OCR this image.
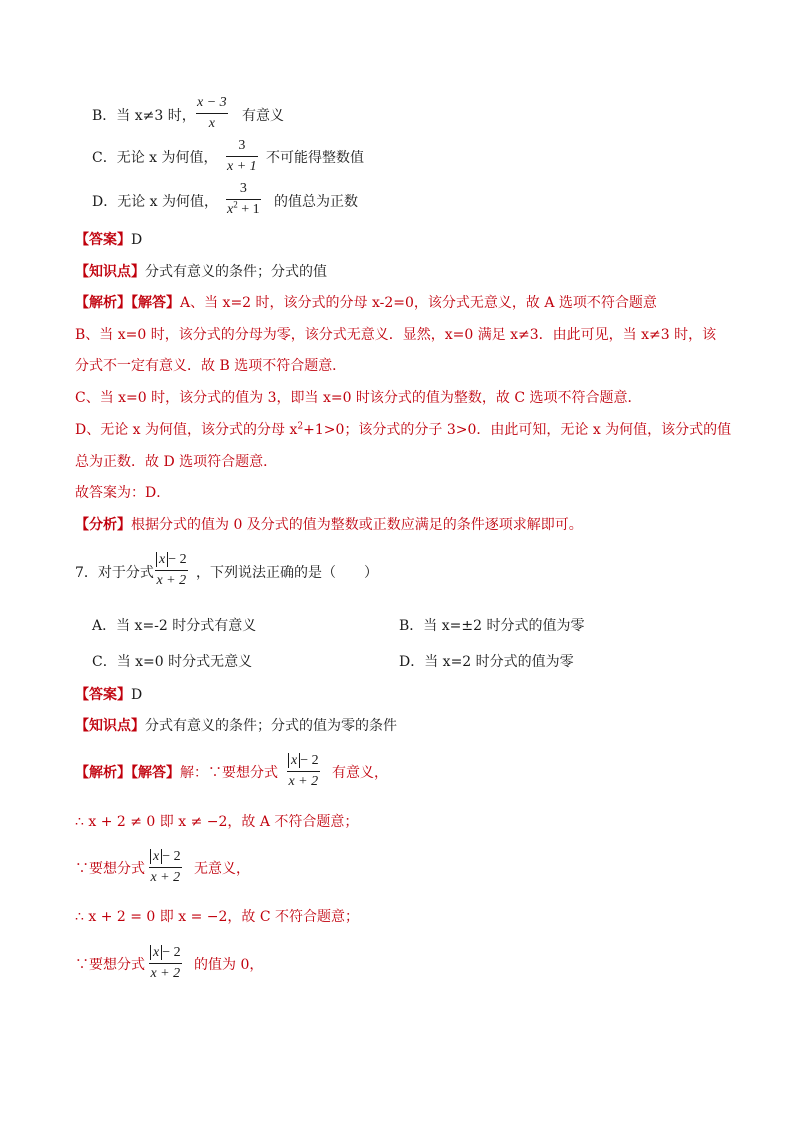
B．当 x≠3 时，
x − 3
x	有意义
C．无论 x 为何值，
3
x + 1
不可能得整数值
D．无论 x 为何值，
3
$x^2 + 1$ 的值总为正数
【答案】D
【知识点】分式有意义的条件；分式的值
【解析】【解答】A、当 x=2 时，该分式的分母 x-2=0，该分式无意义，故 A 选项不符合题意
B、当 x=0 时，该分式的分母为零，该分式无意义．显然，x=0 满足 x≠3．由此可见，当 x≠3 时，该
分式不一定有意义．故 B 选项不符合题意．
C、当 x=0 时，该分式的值为 3，即当 x=0 时该分式的值为整数，故 C 选项不符合题意．
D、无论 x 为何值，该分式的分母 $x^2+1>0$；该分式的分子 3>0．由此可知，无论 x 为何值，该分式的值
总为正数．故 D 选项符合题意．
故答案为：D．
【分析】根据分式的值为 0 及分式的值为整数或正数应满足的条件逐项求解即可。
7．对于分式
x − 2
x + 2 ，下列说法正确的是（　　）
A．当 x=-2 时分式有意义	B．当 x=±2 时分式的值为零
C．当 x=0 时分式无意义	D．当 x=2 时分式的值为零
【答案】D
【知识点】分式有意义的条件；分式的值为零的条件
【解析】【解答】解：∵要想分式
x − 2
x + 2
有意义，
∴ x + 2 ≠ 0 即 x ≠ −2，故 A 不符合题意；
∵要想分式
x − 2
x + 2
无意义，
∴ x + 2 = 0 即 x = −2，故 C 不符合题意；
∵要想分式
x − 2
x + 2
的值为 0，
